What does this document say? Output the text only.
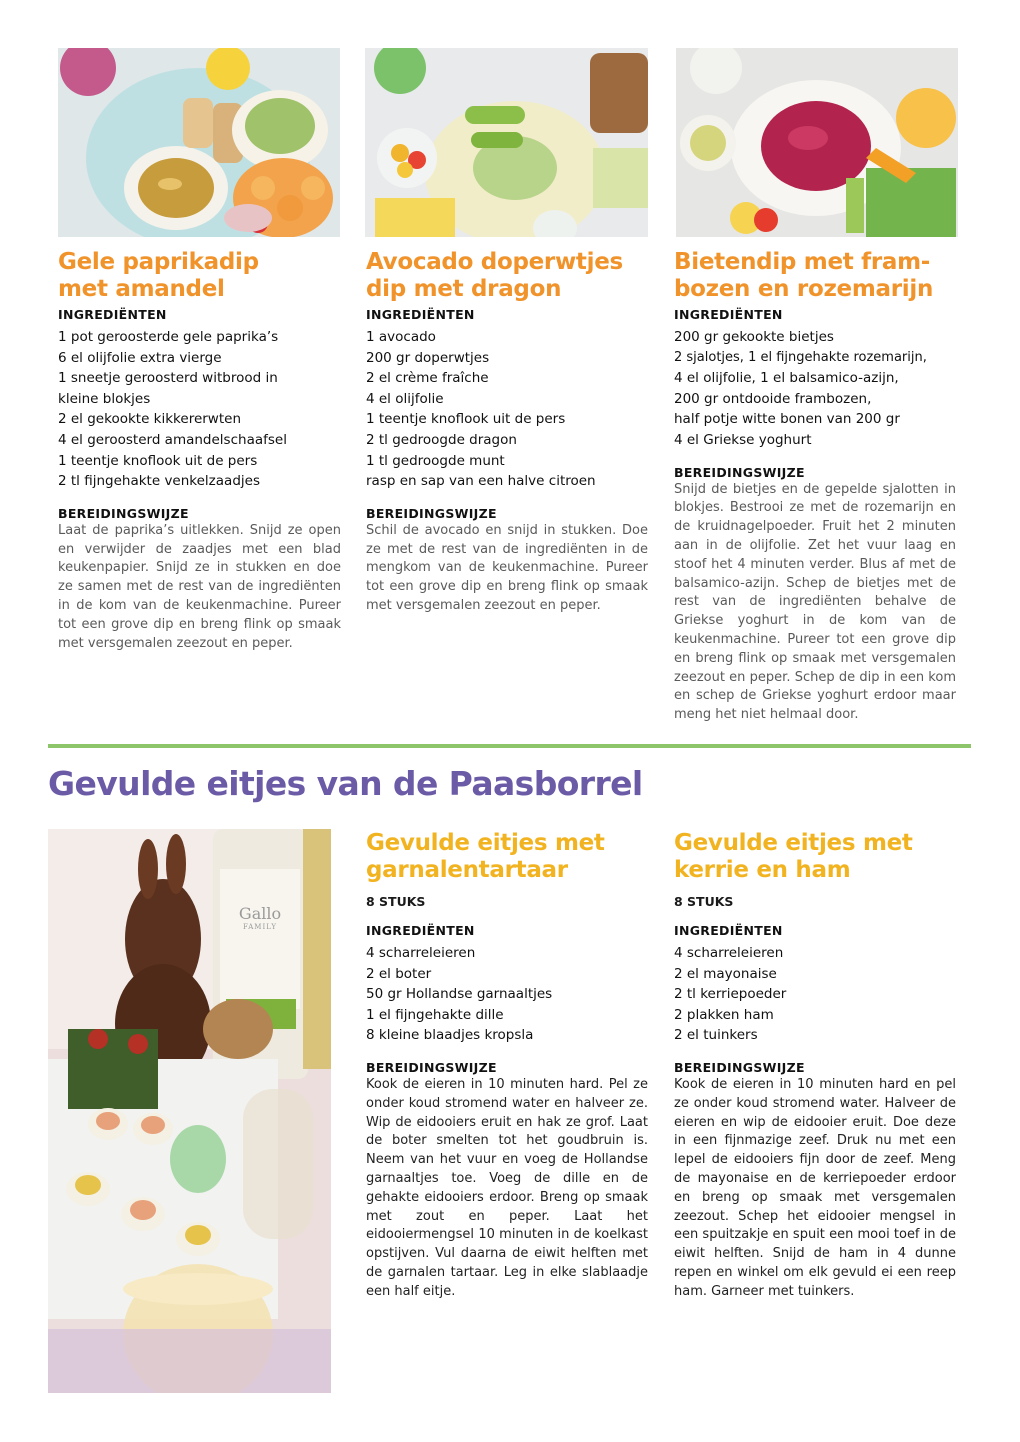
Gele paprikadip
met amandel

INGREDIËNTEN

1 pot geroosterde gele paprika’s
6 el olijfolie extra vierge
1 sneetje geroosterd witbrood in
kleine blokjes
2 el gekookte kikkererwten
4 el geroosterd amandelschaafsel
1 teentje knoflook uit de pers
2 tl fijngehakte venkelzaadjes

BEREIDINGSWIJZE

Laat de paprika’s uitlekken. Snijd ze open en verwijder de zaadjes met een blad keukenpapier. Snijd ze in stukken en doe ze samen met de rest van de ingrediënten in de kom van de keukenmachine. Pureer tot een grove dip en breng flink op smaak met versgemalen zeezout en peper.

Avocado doperwtjes
dip met dragon

INGREDIËNTEN

1 avocado
200 gr doperwtjes
2 el crème fraîche
4 el olijfolie
1 teentje knoflook uit de pers
2 tl gedroogde dragon
1 tl gedroogde munt
rasp en sap van een halve citroen

BEREIDINGSWIJZE

Schil de avocado en snijd in stukken. Doe ze met de rest van de ingrediënten in de mengkom van de keukenmachine. Pureer tot een grove dip en breng flink op smaak met versgemalen zeezout en peper.

Bietendip met fram-
bozen en rozemarijn

INGREDIËNTEN

200 gr gekookte bietjes
2 sjalotjes, 1 el fijngehakte rozemarijn,
4 el olijfolie, 1 el balsamico-azijn,
200 gr ontdooide frambozen,
half potje witte bonen van 200 gr
4 el Griekse yoghurt

BEREIDINGSWIJZE

Snijd de bietjes en de gepelde sjalotten in blokjes. Bestrooi ze met de rozemarijn en de kruidnagelpoeder. Fruit het 2 minuten aan in de olijfolie. Zet het vuur laag en stoof het 4 minuten verder. Blus af met de balsamico-azijn. Schep de bietjes met de rest van de ingrediënten behalve de Griekse yoghurt in de kom van de keukenmachine. Pureer tot een grove dip en breng flink op smaak met versgemalen zeezout en peper. Schep de dip in een kom en schep de Griekse yoghurt erdoor maar meng het niet helmaal door.

Gevulde eitjes van de Paasborrel
Gallo
FAMILY
Gevulde eitjes met
garnalentartaar

8 STUKS

INGREDIËNTEN

4 scharreleieren
2 el boter
50 gr Hollandse garnaaltjes
1 el fijngehakte dille
8 kleine blaadjes kropsla

BEREIDINGSWIJZE

Kook de eieren in 10 minuten hard. Pel ze onder koud stromend water en halveer ze. Wip de eidooiers eruit en hak ze grof. Laat de boter smelten tot het goudbruin is. Neem van het vuur en voeg de Hollandse garnaaltjes toe. Voeg de dille en de gehakte eidooiers erdoor. Breng op smaak met zout en peper. Laat het eidooiermengsel 10 minuten in de koelkast opstijven. Vul daarna de eiwit helften met de garnalen tartaar. Leg in elke slablaadje een half eitje.

Gevulde eitjes met
kerrie en ham

8 STUKS

INGREDIËNTEN

4 scharreleieren
2 el mayonaise
2 tl kerriepoeder
2 plakken ham
2 el tuinkers

BEREIDINGSWIJZE

Kook de eieren in 10 minuten hard en pel ze onder koud stromend water. Halveer de eieren en wip de eidooier eruit. Doe deze in een fijnmazige zeef. Druk nu met een lepel de eidooiers fijn door de zeef. Meng de mayonaise en de kerriepoeder erdoor en breng op smaak met versgemalen zeezout. Schep het eidooier mengsel in een spuitzakje en spuit een mooi toef in de eiwit helften. Snijd de ham in 4 dunne repen en winkel om elk gevuld ei een reep ham. Garneer met tuinkers.
